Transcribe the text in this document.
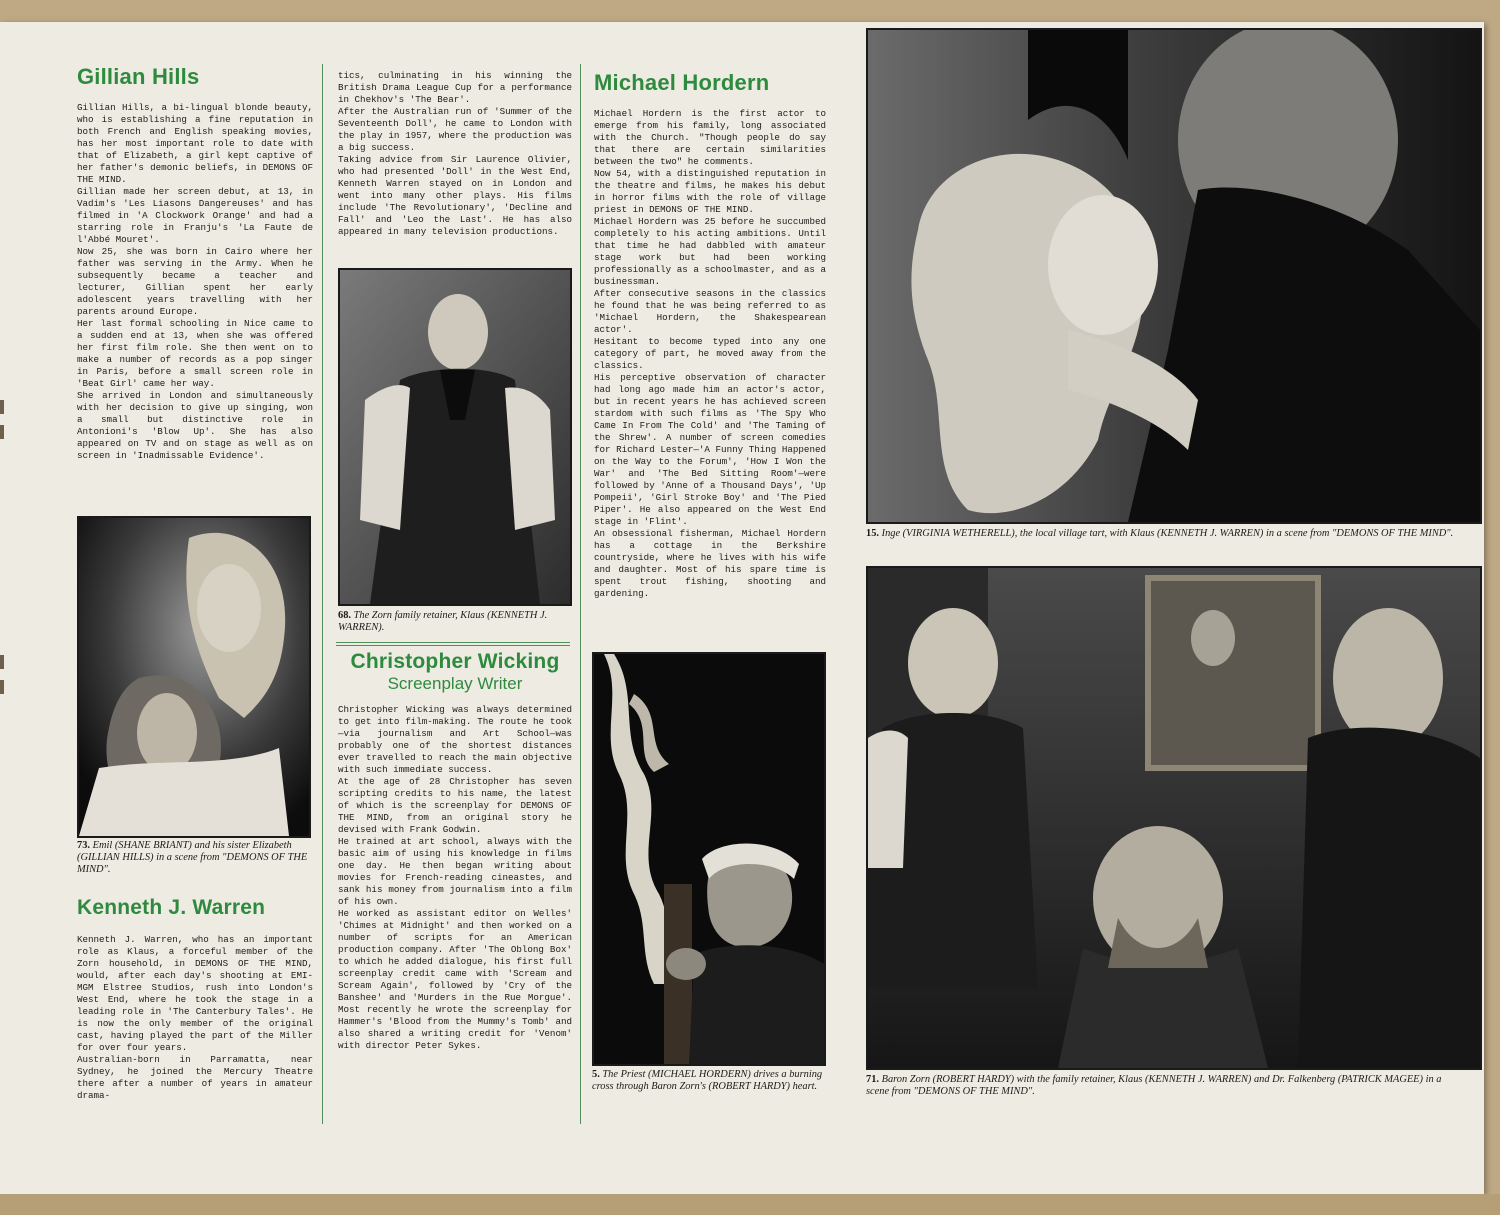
Gillian Hills

Gillian Hills, a bi-lingual blonde beauty, who is establishing a fine reputation in both French and English speaking movies, has her most important role to date with that of Elizabeth, a girl kept captive of her father's demonic beliefs, in DEMONS OF THE MIND.

Gillian made her screen debut, at 13, in Vadim's 'Les Liasons Dangereuses' and has filmed in 'A Clockwork Orange' and had a starring role in Franju's 'La Faute de l'Abbé Mouret'.

Now 25, she was born in Cairo where her father was serving in the Army. When he subsequently became a teacher and lecturer, Gillian spent her early adolescent years travelling with her parents around Europe.

Her last formal schooling in Nice came to a sudden end at 13, when she was offered her first film role. She then went on to make a number of records as a pop singer in Paris, before a small screen role in 'Beat Girl' came her way.

She arrived in London and simultaneously with her decision to give up singing, won a small but distinctive role in Antonioni's 'Blow Up'. She has also appeared on TV and on stage as well as on screen in 'Inadmissable Evidence'.

73. Emil (SHANE BRIANT) and his sister Elizabeth (GILLIAN HILLS) in a scene from "DEMONS OF THE MIND".

Kenneth J. Warren

Kenneth J. Warren, who has an important role as Klaus, a forceful member of the Zorn household, in DEMONS OF THE MIND, would, after each day's shooting at EMI-MGM Elstree Studios, rush into London's West End, where he took the stage in a leading role in 'The Canterbury Tales'. He is now the only member of the original cast, having played the part of the Miller for over four years.

Australian-born in Parramatta, near Sydney, he joined the Mercury Theatre there after a number of years in amateur drama-

tics, culminating in his winning the British Drama League Cup for a performance in Chekhov's 'The Bear'.

After the Australian run of 'Summer of the Seventeenth Doll', he came to London with the play in 1957, where the production was a big success.

Taking advice from Sir Laurence Olivier, who had presented 'Doll' in the West End, Kenneth Warren stayed on in London and went into many other plays. His films include 'The Revolutionary', 'Decline and Fall' and 'Leo the Last'. He has also appeared in many television productions.

68. The Zorn family retainer, Klaus (KENNETH J. WARREN).

Christopher Wicking

Screenplay Writer

Christopher Wicking was always determined to get into film-making. The route he took—via journalism and Art School—was probably one of the shortest distances ever travelled to reach the main objective with such immediate success.

At the age of 28 Christopher has seven scripting credits to his name, the latest of which is the screenplay for DEMONS OF THE MIND, from an original story he devised with Frank Godwin.

He trained at art school, always with the basic aim of using his knowledge in films one day. He then began writing about movies for French-reading cineastes, and sank his money from journalism into a film of his own.

He worked as assistant editor on Welles' 'Chimes at Midnight' and then worked on a number of scripts for an American production company. After 'The Oblong Box' to which he added dialogue, his first full screenplay credit came with 'Scream and Scream Again', followed by 'Cry of the Banshee' and 'Murders in the Rue Morgue'. Most recently he wrote the screenplay for Hammer's 'Blood from the Mummy's Tomb' and also shared a writing credit for 'Venom' with director Peter Sykes.

Michael Hordern

Michael Hordern is the first actor to emerge from his family, long associated with the Church. "Though people do say that there are certain similarities between the two" he comments.

Now 54, with a distinguished reputation in the theatre and films, he makes his debut in horror films with the role of village priest in DEMONS OF THE MIND.

Michael Hordern was 25 before he succumbed completely to his acting ambitions. Until that time he had dabbled with amateur stage work but had been working professionally as a schoolmaster, and as a businessman.

After consecutive seasons in the classics he found that he was being referred to as 'Michael Hordern, the Shakespearean actor'.

Hesitant to become typed into any one category of part, he moved away from the classics.

His perceptive observation of character had long ago made him an actor's actor, but in recent years he has achieved screen stardom with such films as 'The Spy Who Came In From The Cold' and 'The Taming of the Shrew'. A number of screen comedies for Richard Lester—'A Funny Thing Happened on the Way to the Forum', 'How I Won the War' and 'The Bed Sitting Room'—were followed by 'Anne of a Thousand Days', 'Up Pompeii', 'Girl Stroke Boy' and 'The Pied Piper'. He also appeared on the West End stage in 'Flint'.

An obsessional fisherman, Michael Hordern has a cottage in the Berkshire countryside, where he lives with his wife and daughter. Most of his spare time is spent trout fishing, shooting and gardening.

5. The Priest (MICHAEL HORDERN) drives a burning cross through Baron Zorn's (ROBERT HARDY) heart.

15. Inge (VIRGINIA WETHERELL), the local village tart, with Klaus (KENNETH J. WARREN) in a scene from "DEMONS OF THE MIND".

71. Baron Zorn (ROBERT HARDY) with the family retainer, Klaus (KENNETH J. WARREN) and Dr. Falkenberg (PATRICK MAGEE) in a scene from "DEMONS OF THE MIND".
